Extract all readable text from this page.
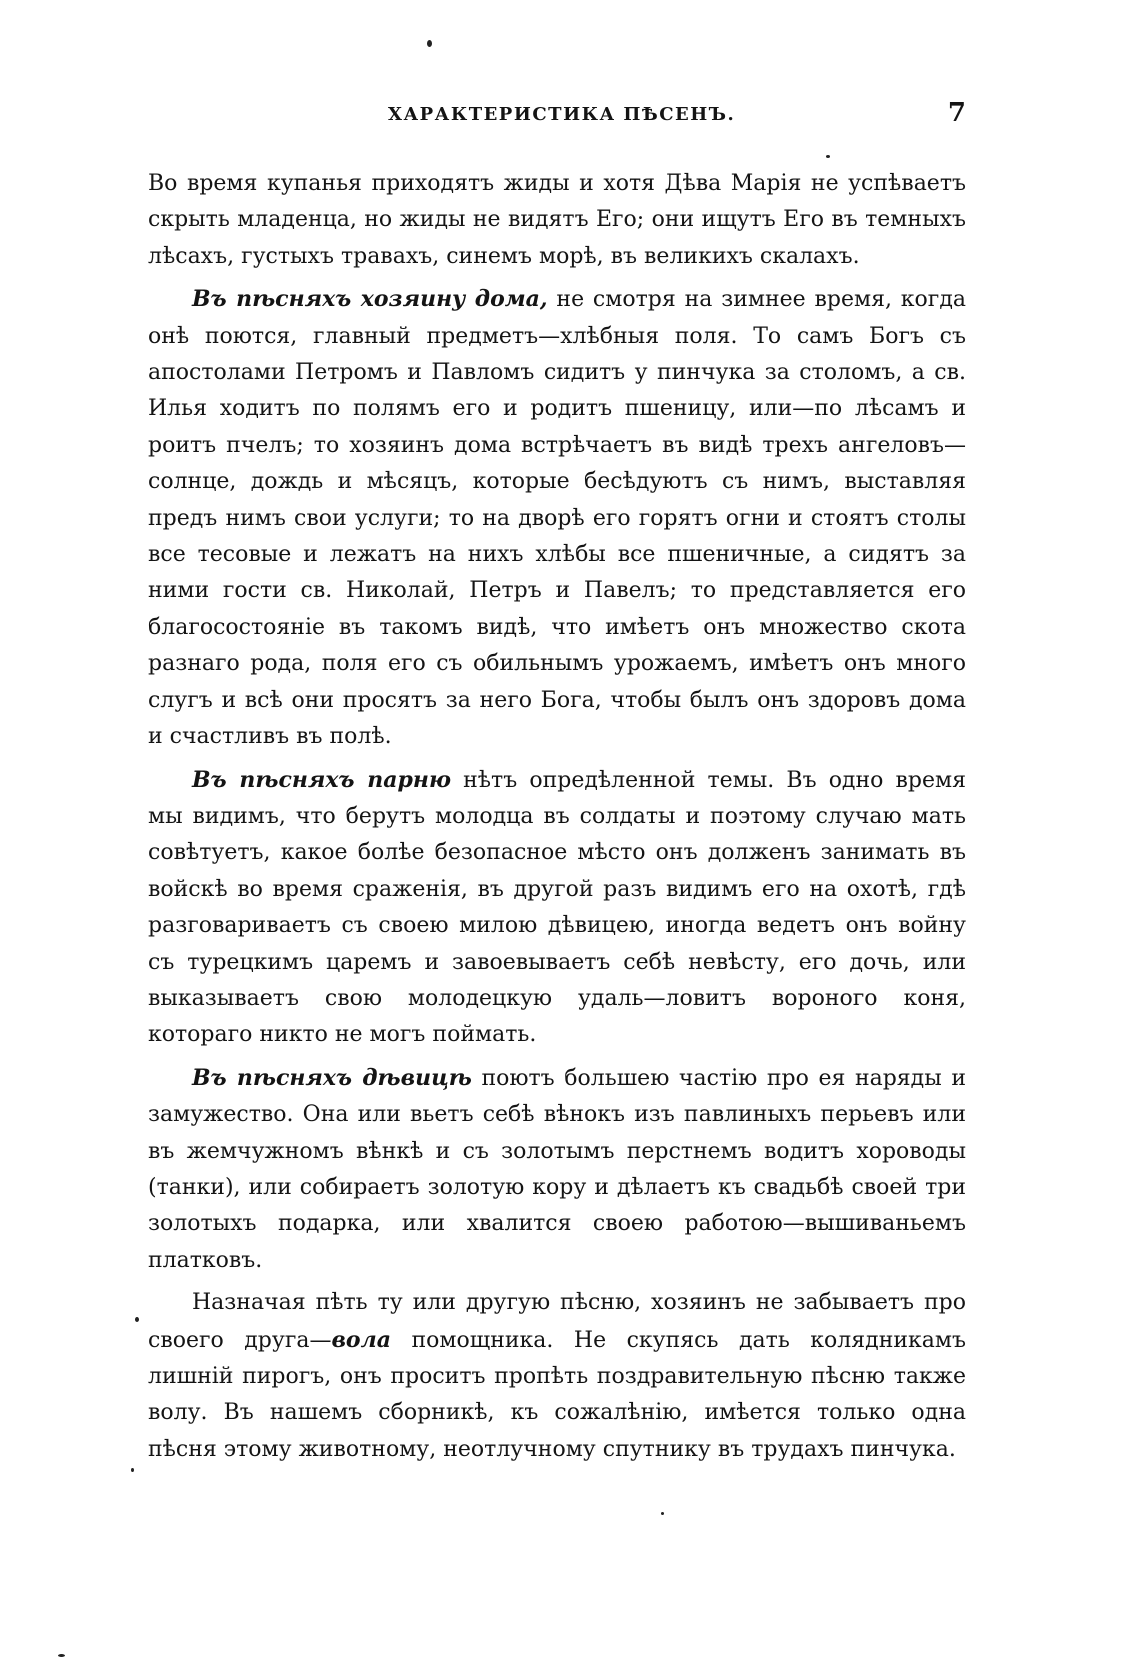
ХАРАКТЕРИСТИКА ПѢСЕНЪ.	7

Во время купанья приходятъ жиды и хотя Дѣва Марія не успѣваетъ скрыть младенца, но жиды не видятъ Его; они ищутъ Его въ темныхъ лѣсахъ, густыхъ травахъ, синемъ морѣ, въ великихъ скалахъ.

Въ пѣсняхъ хозяину дома, не смотря на зимнее время, когда онѣ поются, главный предметъ—хлѣбныя поля. То самъ Богъ съ апостолами Петромъ и Павломъ сидитъ у пинчука за столомъ, а св. Илья ходитъ по полямъ его и родитъ пшеницу, или—по лѣсамъ и роитъ пчелъ; то хозяинъ дома встрѣчаетъ въ видѣ трехъ ангеловъ—солнце, дождь и мѣсяцъ, которые бесѣдуютъ съ нимъ, выставляя предъ нимъ свои услуги; то на дворѣ его горятъ огни и стоятъ столы все тесовые и лежатъ на нихъ хлѣбы все пшеничные, а сидятъ за ними гости св. Николай, Петръ и Павелъ; то представляется его благосостояніе въ такомъ видѣ, что имѣетъ онъ множество скота разнаго рода, поля его съ обильнымъ урожаемъ, имѣетъ онъ много слугъ и всѣ они просятъ за него Бога, чтобы былъ онъ здоровъ дома и счастливъ въ полѣ.

Въ пѣсняхъ парню нѣтъ опредѣленной темы. Въ одно время мы видимъ, что берутъ молодца въ солдаты и поэтому случаю мать совѣтуетъ, какое болѣе безопасное мѣсто онъ долженъ занимать въ войскѣ во время сраженія, въ другой разъ видимъ его на охотѣ, гдѣ разговариваетъ съ своею милою дѣвицею, иногда ведетъ онъ войну съ турецкимъ царемъ и завоевываетъ себѣ невѣсту, его дочь, или выказываетъ свою молодецкую удаль—ловитъ вороного коня, котораго никто не могъ поймать.

Въ пѣсняхъ дѣвицѣ поютъ большею частію про ея наряды и замужество. Она или вьетъ себѣ вѣнокъ изъ павлиныхъ перьевъ или въ жемчужномъ вѣнкѣ и съ золотымъ перстнемъ водитъ хороводы (танки), или собираетъ золотую кору и дѣлаетъ къ свадьбѣ своей три золотыхъ подарка, или хвалится своею работою—вышиваньемъ платковъ.

Назначая пѣть ту или другую пѣсню, хозяинъ не забываетъ про своего друга—вола помощника. Не скупясь дать колядникамъ лишній пирогъ, онъ проситъ пропѣть поздравительную пѣсню также волу. Въ нашемъ сборникѣ, къ сожалѣнію, имѣется только одна пѣсня этому животному, неотлучному спутнику въ трудахъ пинчука.
